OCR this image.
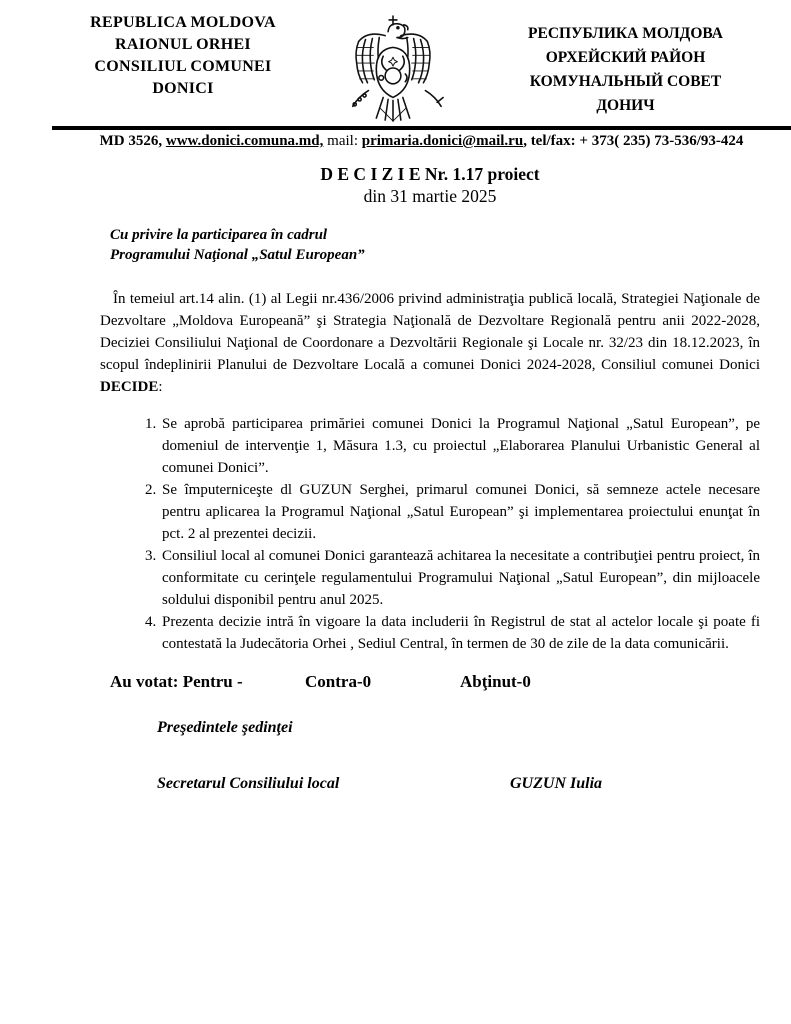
REPUBLICA MOLDOVA
RAIONUL ORHEI
CONSILIUL COMUNEI
DONICI
РЕСПУБЛИКА МОЛДОВА
ОРХЕЙСКИЙ РАЙОН
КОМУНАЛЬНЫЙ СОВЕТ
ДОНИЧ
MD 3526, www.donici.comuna.md, mail: primaria.donici@mail.ru, tel/fax: + 373( 235) 73-536/93-424
D E C I Z I E Nr. 1.17 proiect
din 31 martie 2025
Cu privire la participarea în cadrul
Programului Naţional „Satul European”

În temeiul art.14 alin. (1) al Legii nr.436/2006 privind administraţia publică locală, Strategiei Naţionale de Dezvoltare „Moldova Europeană” şi Strategia Naţională de Dezvoltare Regională pentru anii 2022-2028, Deciziei Consiliului Naţional de Coordonare a Dezvoltării Regionale şi Locale nr. 32/23 din 18.12.2023, în scopul îndeplinirii Planului de Dezvoltare Locală a comunei Donici 2024-2028, Consiliul comunei Donici DECIDE:

1. Se aprobă participarea primăriei comunei Donici la Programul Naţional „Satul European”, pe domeniul de intervenţie 1, Măsura 1.3, cu proiectul „Elaborarea Planului Urbanistic General al comunei Donici”.
2. Se împuterniceşte dl GUZUN Serghei, primarul comunei Donici, să semneze actele necesare pentru aplicarea la Programul Naţional „Satul European” şi implementarea proiectului enunţat în pct. 2 al prezentei decizii.
3. Consiliul local al comunei Donici garantează achitarea la necesitate a contribuţiei pentru proiect, în conformitate cu cerinţele regulamentului Programului Naţional „Satul European”, din mijloacele soldului disponibil pentru anul 2025.
4. Prezenta decizie intră în vigoare la data includerii în Registrul de stat al actelor locale şi poate fi contestată la Judecătoria Orhei , Sediul Central, în termen de 30 de zile de la data comunicării.
Au votat: Pentru -	Contra-0	Abţinut-0
Preşedintele şedinţei
Secretarul Consiliului local	GUZUN Iulia
